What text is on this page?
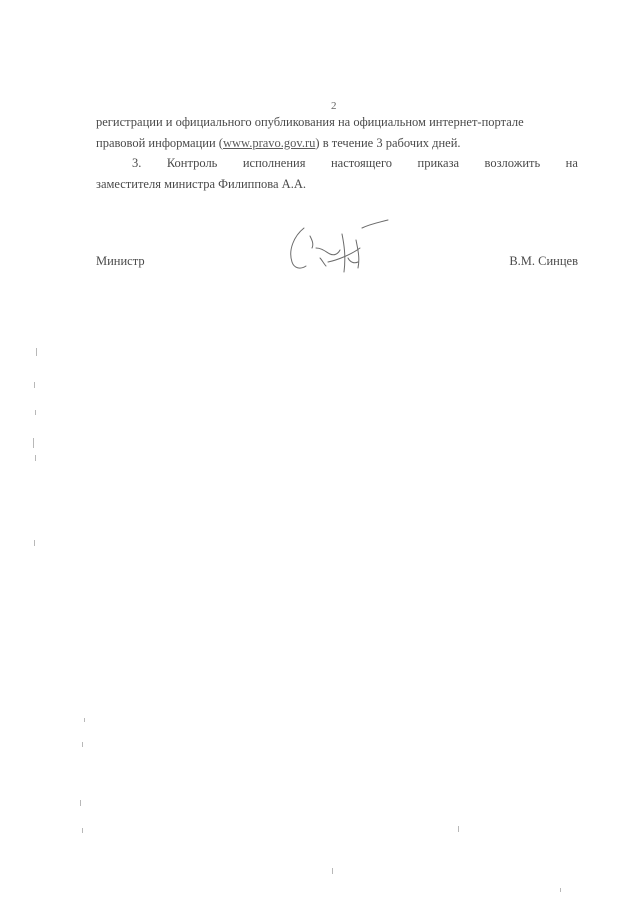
2
регистрации и официального опубликования на официальном интернет-портале
правовой информации (www.pravo.gov.ru) в течение 3 рабочих дней.
3. Контроль исполнения настоящего приказа возложить на
заместителя министра Филиппова А.А.
Министр	В.М. Синцев
